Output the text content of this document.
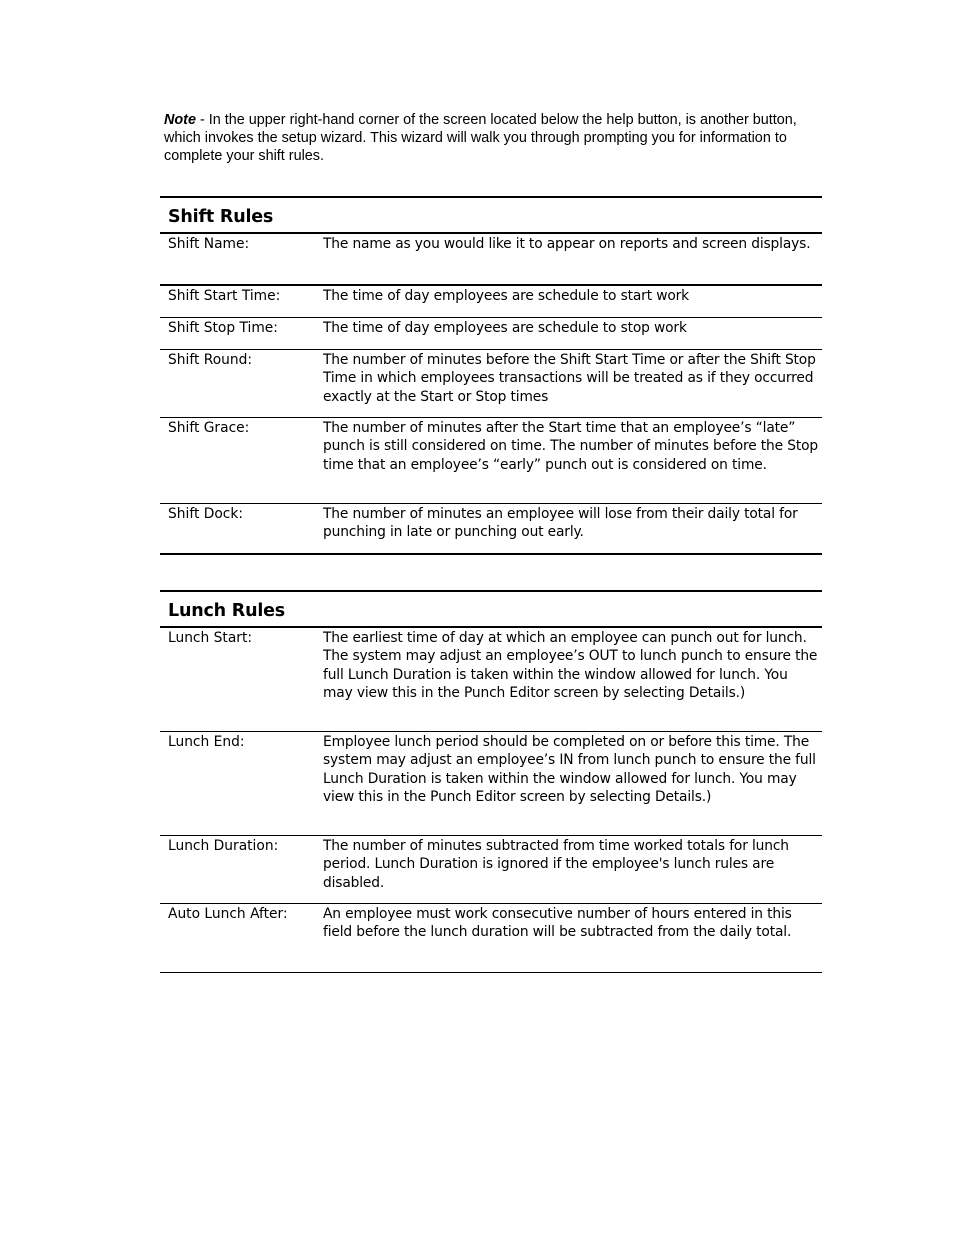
Note - In the upper right-hand corner of the screen located below the help button, is another button, which invokes the setup wizard. This wizard will walk you through prompting you for information to complete your shift rules.
Shift Rules
Shift Name:	The name as you would like it to appear on reports and screen displays.
Shift Start Time:	The time of day employees are schedule to start work
Shift Stop Time:	The time of day employees are schedule to stop work
Shift Round:	The number of minutes before the Shift Start Time or after the Shift Stop Time in which employees transactions will be treated as if they occurred exactly at the Start or Stop times
Shift Grace:	The number of minutes after the Start time that an employee’s “late” punch is still considered on time. The number of minutes before the Stop time that an employee’s “early” punch out is considered on time.
Shift Dock:	The number of minutes an employee will lose from their daily total for punching in late or punching out early.
Lunch Rules
Lunch Start:	The earliest time of day at which an employee can punch out for lunch. The system may adjust an employee’s OUT to lunch punch to ensure the full Lunch Duration is taken within the window allowed for lunch. You may view this in the Punch Editor screen by selecting Details.)
Lunch End:	Employee lunch period should be completed on or before this time. The system may adjust an employee’s IN from lunch punch to ensure the full Lunch Duration is taken within the window allowed for lunch. You may view this in the Punch Editor screen by selecting Details.)
Lunch Duration:	The number of minutes subtracted from time worked totals for lunch period. Lunch Duration is ignored if the employee's lunch rules are disabled.
Auto Lunch After:	An employee must work consecutive number of hours entered in this field before the lunch duration will be subtracted from the daily total.
